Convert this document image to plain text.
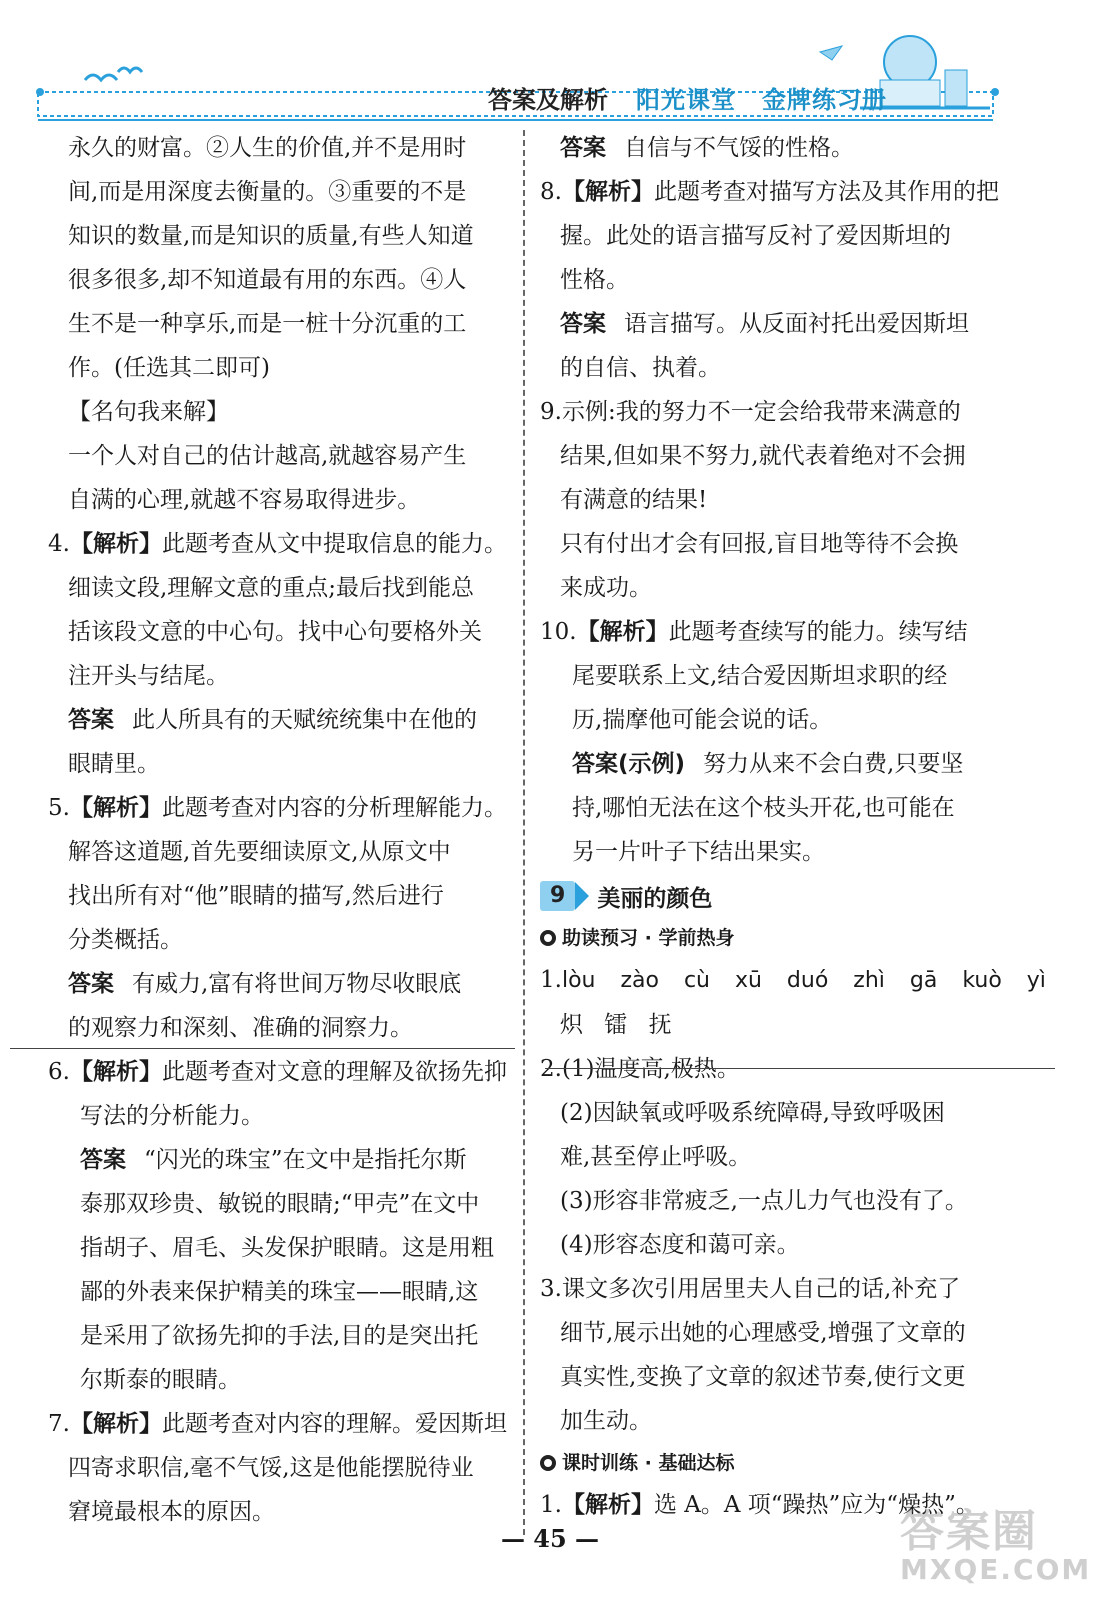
答案及解析 阳光课堂 金牌练习册

永久的财富。②人生的价值,并不是用时

间,而是用深度去衡量的。③重要的不是

知识的数量,而是知识的质量,有些人知道

很多很多,却不知道最有用的东西。④人

生不是一种享乐,而是一桩十分沉重的工

作。(任选其二即可)

【名句我来解】

一个人对自己的估计越高,就越容易产生

自满的心理,就越不容易取得进步。

4.【解析】此题考查从文中提取信息的能力。

细读文段,理解文意的重点;最后找到能总

括该段文意的中心句。找中心句要格外关

注开头与结尾。

答案 此人所具有的天赋统统集中在他的

眼睛里。

5.【解析】此题考查对内容的分析理解能力。

解答这道题,首先要细读原文,从原文中

找出所有对“他”眼睛的描写,然后进行

分类概括。

答案 有威力,富有将世间万物尽收眼底

的观察力和深刻、准确的洞察力。

6.【解析】此题考查对文意的理解及欲扬先抑

写法的分析能力。

答案 “闪光的珠宝”在文中是指托尔斯

泰那双珍贵、敏锐的眼睛;“甲壳”在文中

指胡子、眉毛、头发保护眼睛。这是用粗

鄙的外表来保护精美的珠宝——眼睛,这

是采用了欲扬先抑的手法,目的是突出托

尔斯泰的眼睛。

7.【解析】此题考查对内容的理解。爱因斯坦

四寄求职信,毫不气馁,这是他能摆脱待业

窘境最根本的原因。

答案 自信与不气馁的性格。

8.【解析】此题考查对描写方法及其作用的把

握。此处的语言描写反衬了爱因斯坦的

性格。

答案 语言描写。从反面衬托出爱因斯坦

的自信、执着。

9.示例:我的努力不一定会给我带来满意的

结果,但如果不努力,就代表着绝对不会拥

有满意的结果!

只有付出才会有回报,盲目地等待不会换

来成功。

10.【解析】此题考查续写的能力。续写结

尾要联系上文,结合爱因斯坦求职的经

历,揣摩他可能会说的话。

答案(示例) 努力从来不会白费,只要坚

持,哪怕无法在这个枝头开花,也可能在

另一片叶子下结出果实。

9	美丽的颜色
助读预习 · 学前热身

1.lòu zào cù xū duó zhì gā kuò yì

炽 镭 抚

2.(1)温度高,极热。

(2)因缺氧或呼吸系统障碍,导致呼吸困

难,甚至停止呼吸。

(3)形容非常疲乏,一点儿力气也没有了。

(4)形容态度和蔼可亲。

3.课文多次引用居里夫人自己的话,补充了

细节,展示出她的心理感受,增强了文章的

真实性,变换了文章的叙述节奏,使行文更

加生动。

课时训练 · 基础达标

1.【解析】选 A。A 项“躁热”应为“燥热”。

— 45 —	答案圈
MXQE.COM
